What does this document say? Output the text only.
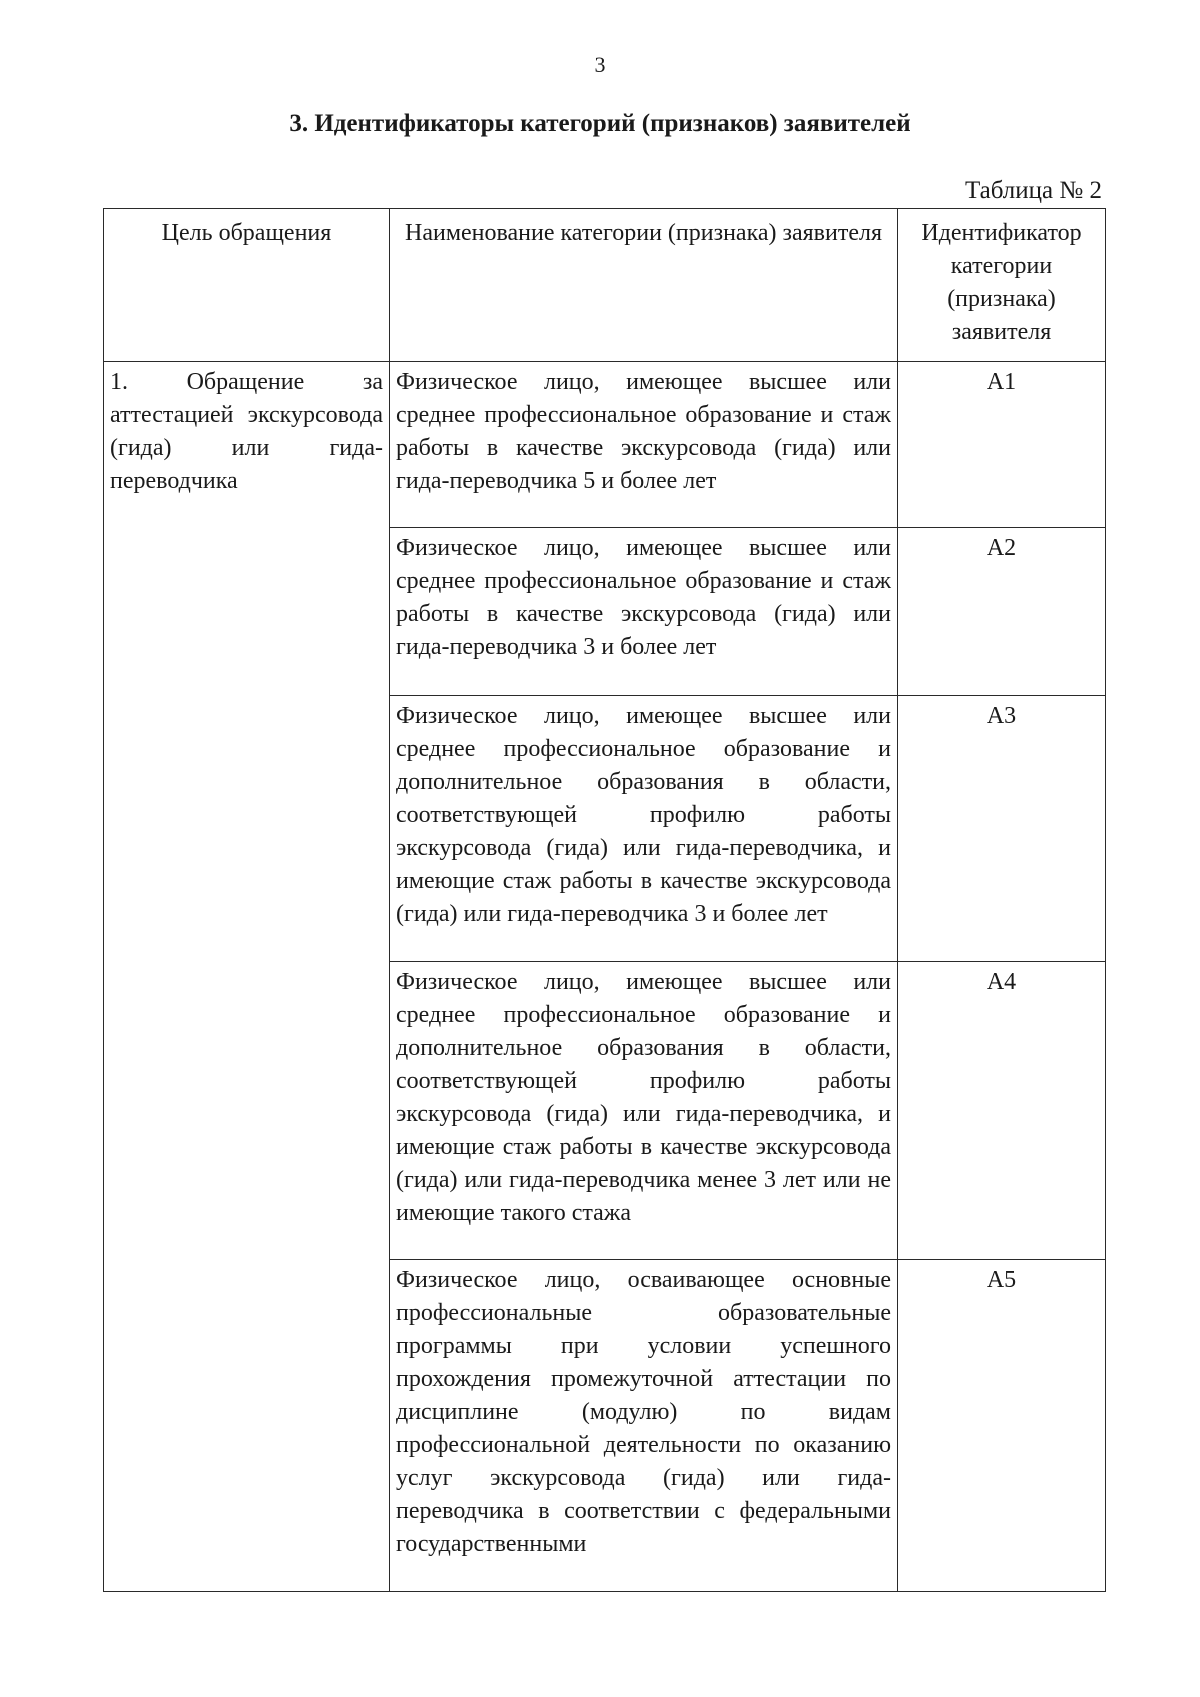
3
3. Идентификаторы категорий (признаков) заявителей
Таблица № 2
Цель обращения	Наименование категории (признака) заявителя	Идентификатор категории (признака) заявителя
1. Обращение за аттестацией экскурсовода (гида) или гида-переводчика	Физическое лицо, имеющее высшее или среднее профессиональное образование и стаж работы в качестве экскурсовода (гида) или гида-переводчика 5 и более лет	А1
	Физическое лицо, имеющее высшее или среднее профессиональное образование и стаж работы в качестве экскурсовода (гида) или гида-переводчика 3 и более лет	А2
	Физическое лицо, имеющее высшее или среднее профессиональное образование и дополнительное образования в области, соответствующей профилю работы экскурсовода (гида) или гида-переводчика, и имеющие стаж работы в качестве экскурсовода (гида) или гида-переводчика 3 и более лет	А3
	Физическое лицо, имеющее высшее или среднее профессиональное образование и дополнительное образования в области, соответствующей профилю работы экскурсовода (гида) или гида-переводчика, и имеющие стаж работы в качестве экскурсовода (гида) или гида-переводчика менее 3 лет или не имеющие такого стажа	А4
	Физическое лицо, осваивающее основные профессиональные образовательные программы при условии успешного прохождения промежуточной аттестации по дисциплине (модулю) по видам профессиональной деятельности по оказанию услуг экскурсовода (гида) или гида-переводчика в соответствии с федеральными государственными	А5
